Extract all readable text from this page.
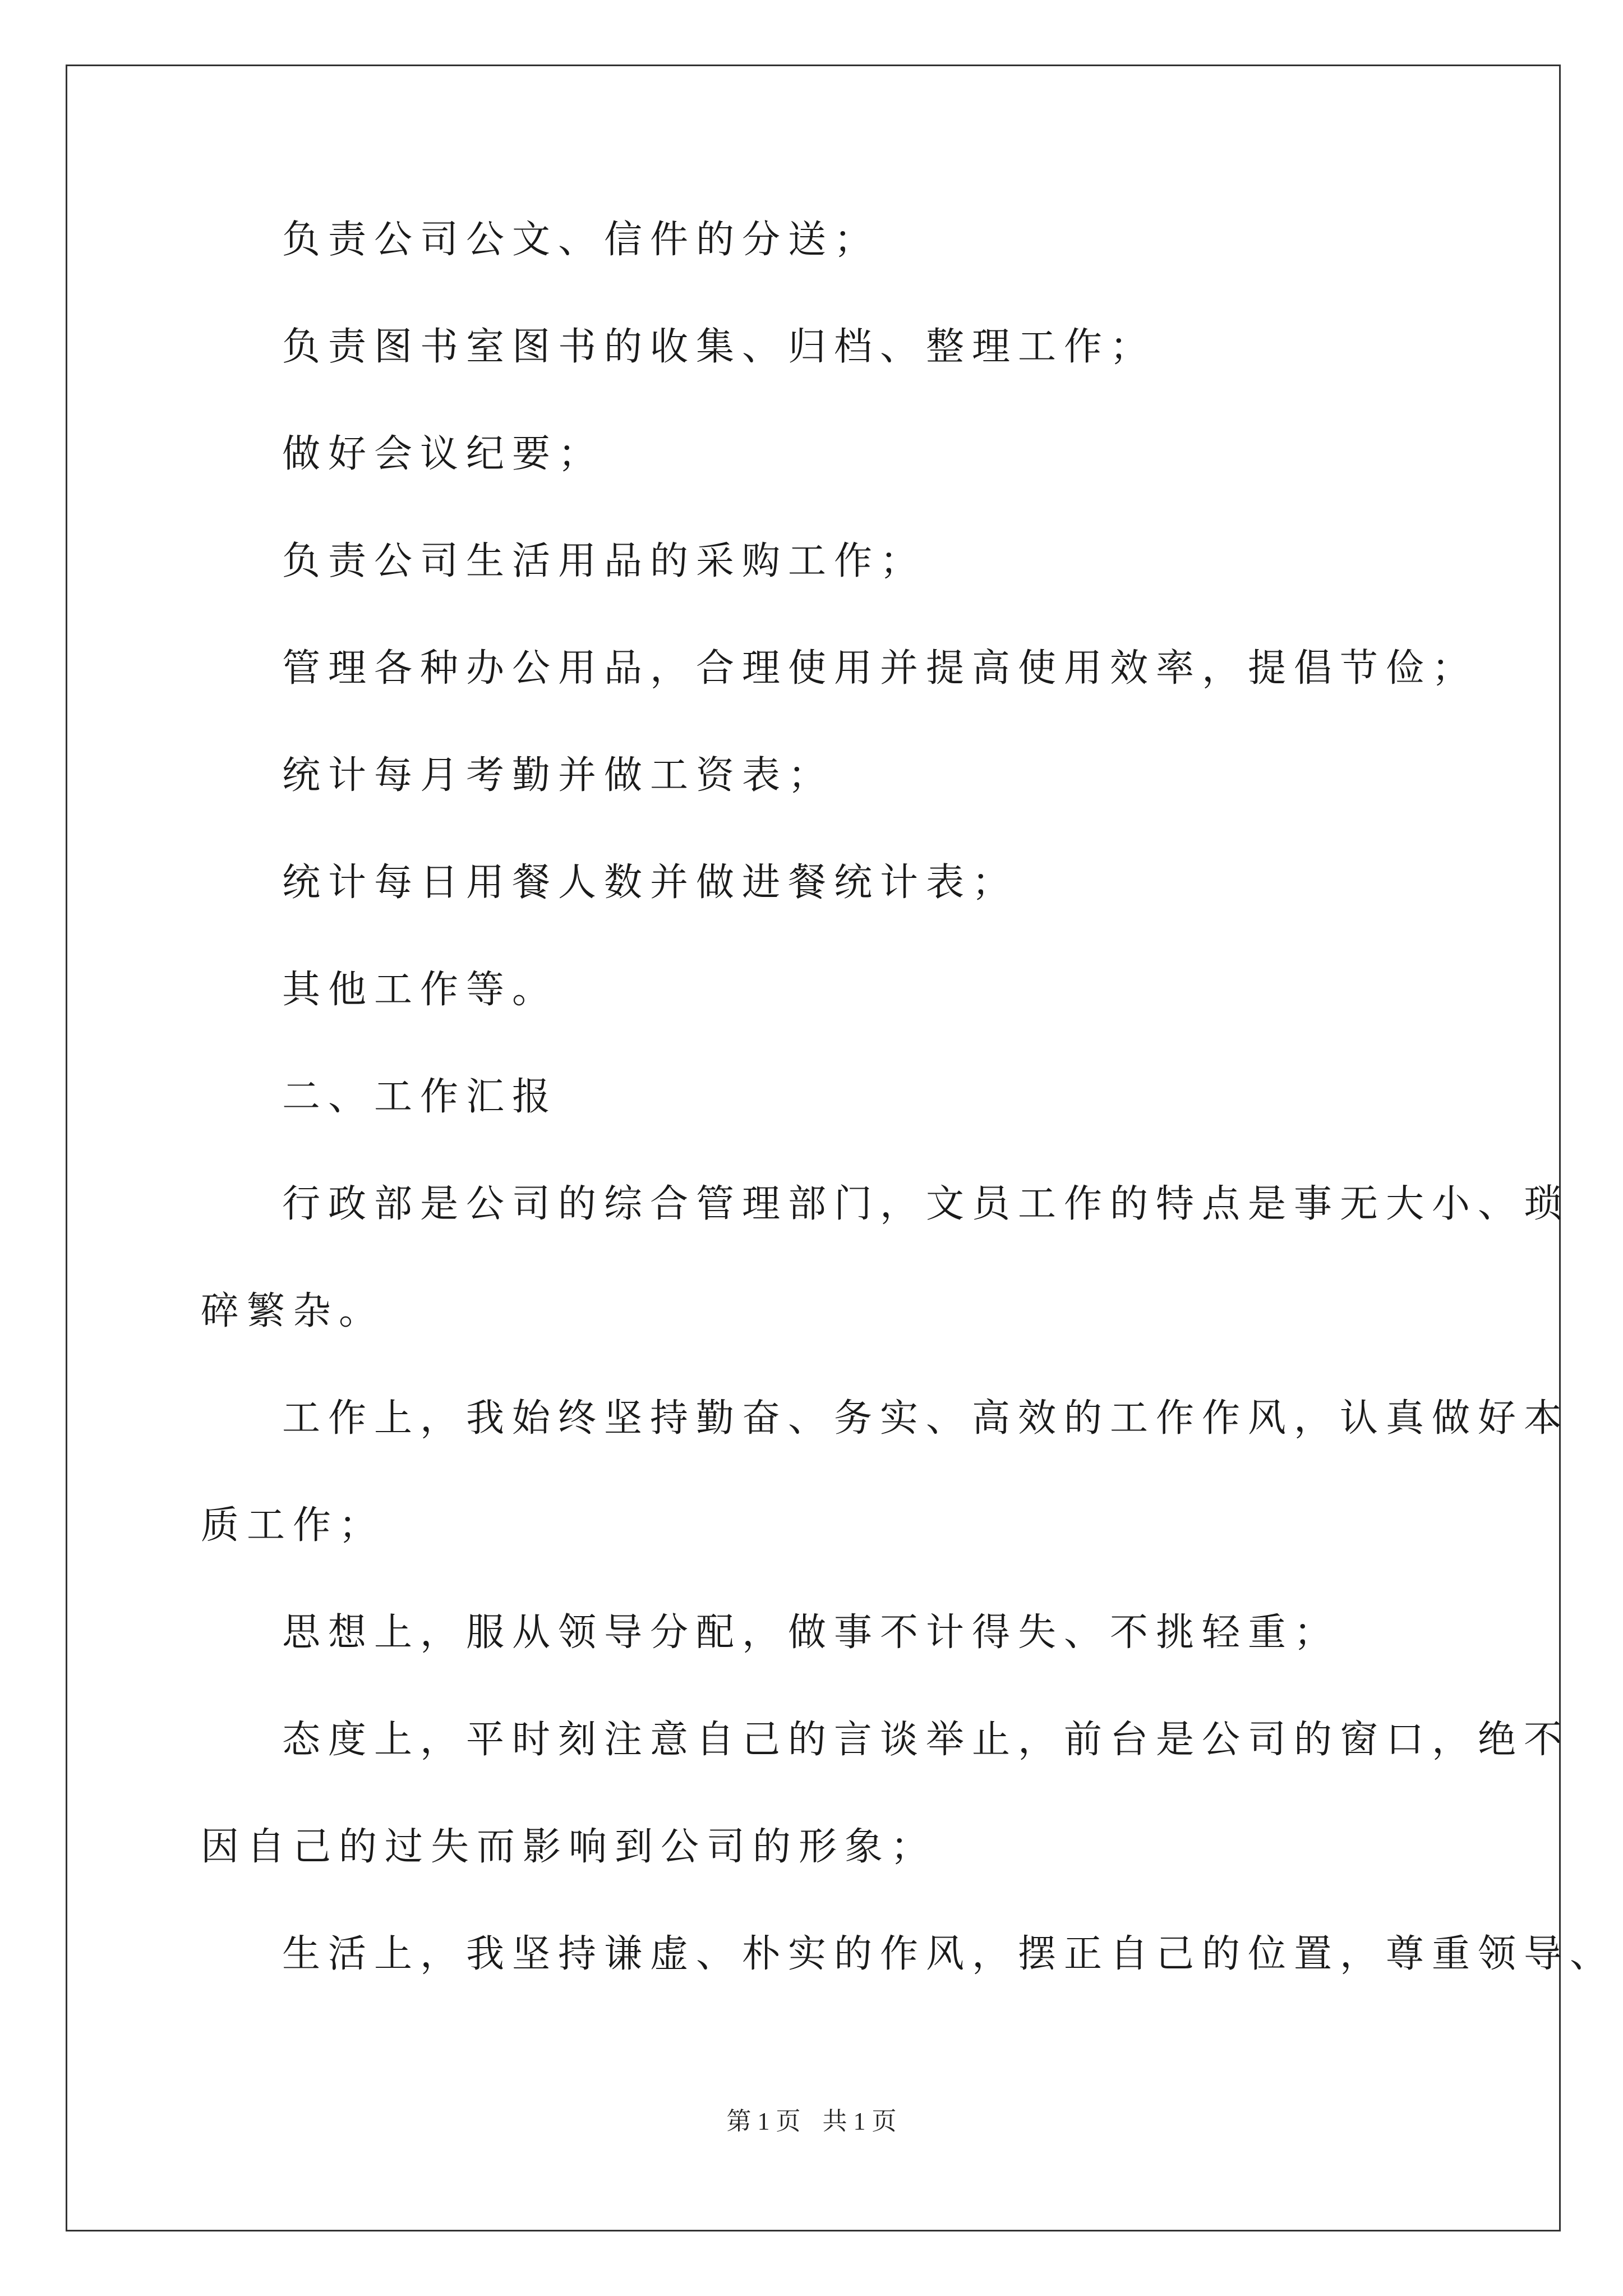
负责公司公文、信件的分送；
负责图书室图书的收集、归档、整理工作；
做好会议纪要；
负责公司生活用品的采购工作；
管理各种办公用品，合理使用并提高使用效率，提倡节俭；
统计每月考勤并做工资表；
统计每日用餐人数并做进餐统计表；
其他工作等。
二、工作汇报
行政部是公司的综合管理部门，文员工作的特点是事无大小、琐
碎繁杂。
工作上，我始终坚持勤奋、务实、高效的工作作风，认真做好本
质工作；
思想上，服从领导分配，做事不计得失、不挑轻重；
态度上，平时刻注意自己的言谈举止，前台是公司的窗口，绝不
因自己的过失而影响到公司的形象；
生活上，我坚持谦虚、朴实的作风，摆正自己的位置，尊重领导、
第 1 页 共 1 页
